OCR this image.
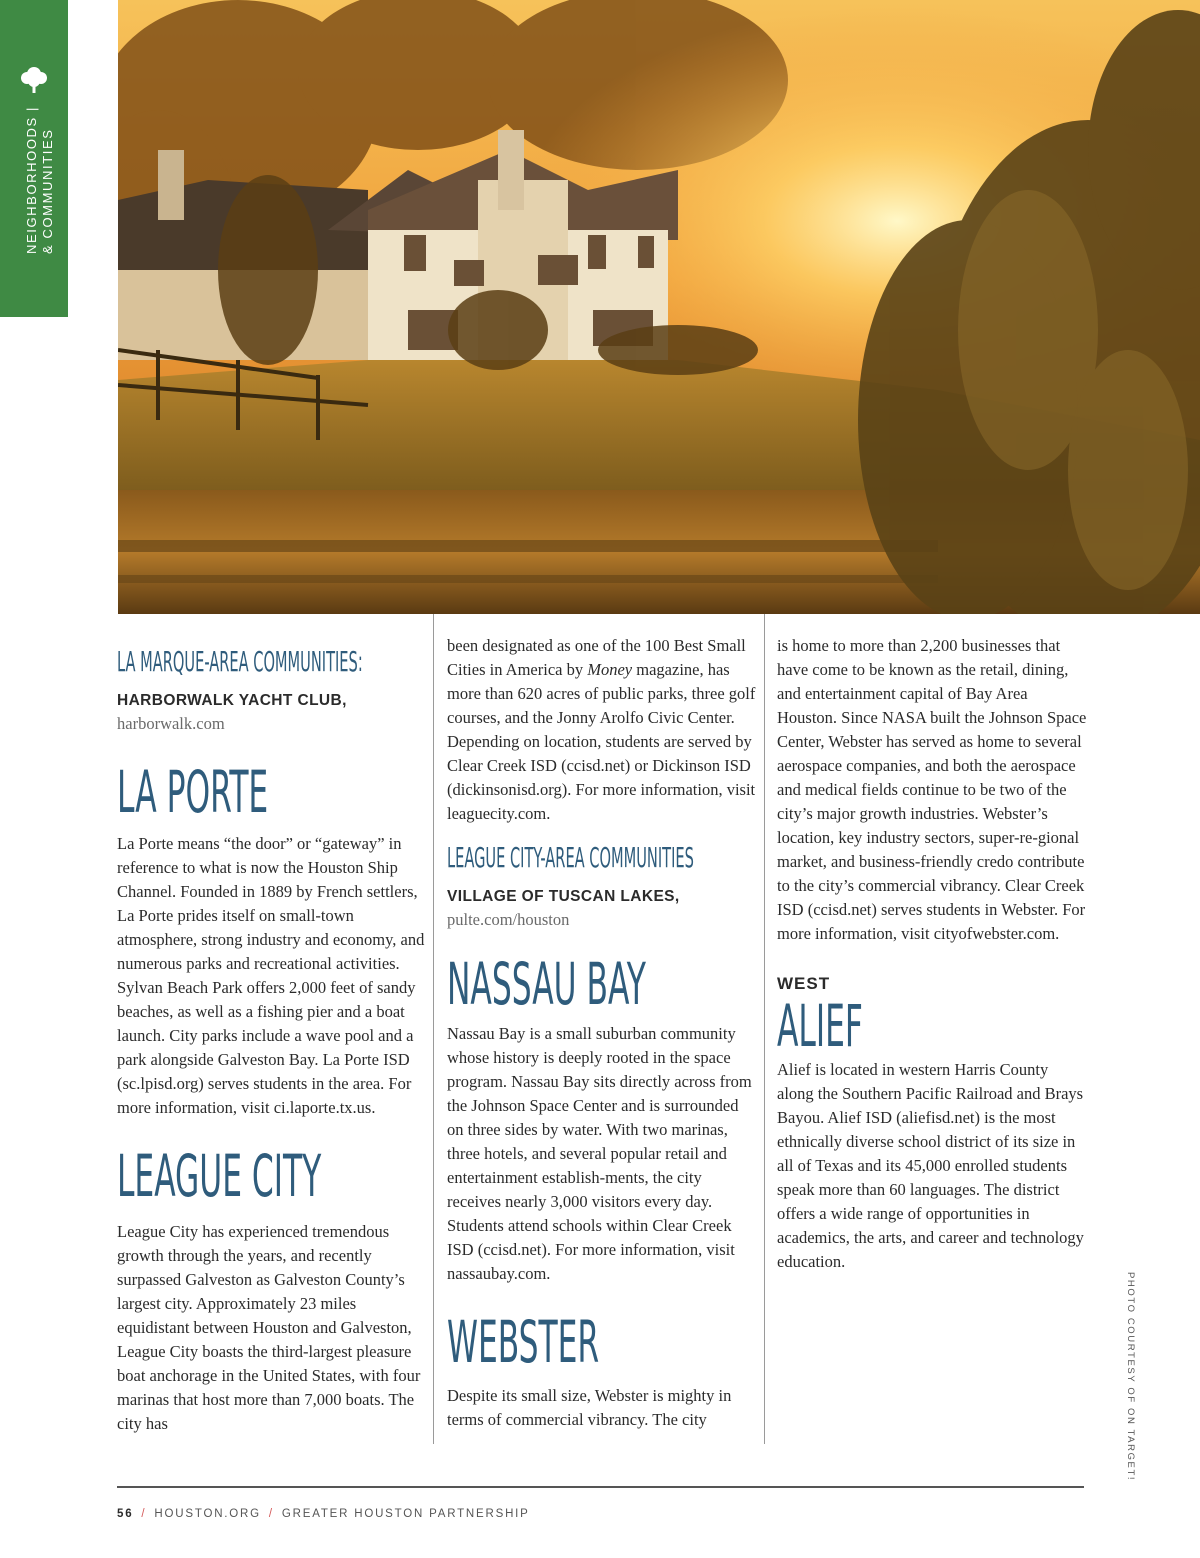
NEIGHBORHOODS |
& COMMUNITIES
LA MARQUE-AREA COMMUNITIES:
HARBORWALK YACHT CLUB,
harborwalk.com
LA PORTE

La Porte means “the door” or “gateway” in reference to what is now the Houston Ship Channel. Founded in 1889 by French settlers, La Porte prides itself on small-town atmosphere, strong industry and economy, and numerous parks and recreational activities. Sylvan Beach Park offers 2,000 feet of sandy beaches, as well as a fishing pier and a boat launch. City parks include a wave pool and a park alongside Galveston Bay. La Porte ISD (sc.lpisd.org) serves students in the area. For more information, visit ci.laporte.tx.us.

LEAGUE CITY

League City has experienced tremendous growth through the years, and recently surpassed Galveston as Galveston County’s largest city. Approximately 23 miles equidistant between Houston and Galveston, League City boasts the third-largest pleasure boat anchorage in the United States, with four marinas that host more than 7,000 boats. The city has

been designated as one of the 100 Best Small Cities in America by Money magazine, has more than 620 acres of public parks, three golf courses, and the Jonny Arolfo Civic Center. Depending on location, students are served by Clear Creek ISD (ccisd.net) or Dickinson ISD (dickinsonisd.org). For more information, visit leaguecity.com.

LEAGUE CITY-AREA COMMUNITIES
VILLAGE OF TUSCAN LAKES,
pulte.com/houston
NASSAU BAY

Nassau Bay is a small suburban community whose history is deeply rooted in the space program. Nassau Bay sits directly across from the Johnson Space Center and is surrounded on three sides by water. With two marinas, three hotels, and several popular retail and entertainment establish-ments, the city receives nearly 3,000 visitors every day. Students attend schools within Clear Creek ISD (ccisd.net). For more information, visit nassaubay.com.

WEBSTER

Despite its small size, Webster is mighty in terms of commercial vibrancy. The city

is home to more than 2,200 businesses that have come to be known as the retail, dining, and entertainment capital of Bay Area Houston. Since NASA built the Johnson Space Center, Webster has served as home to several aerospace companies, and both the aerospace and medical fields continue to be two of the city’s major growth industries. Webster’s location, key industry sectors, super-re-gional market, and business-friendly credo contribute to the city’s commercial vibrancy. Clear Creek ISD (ccisd.net) serves students in Webster. For more information, visit cityofwebster.com.

WEST
ALIEF

Alief is located in western Harris County along the Southern Pacific Railroad and Brays Bayou. Alief ISD (aliefisd.net) is the most ethnically diverse school district of its size in all of Texas and its 45,000 enrolled students speak more than 60 languages. The district offers a wide range of opportunities in academics, the arts, and career and technology education.

PHOTO COURTESY OF ON TARGET!
56 / HOUSTON.ORG / GREATER HOUSTON PARTNERSHIP
